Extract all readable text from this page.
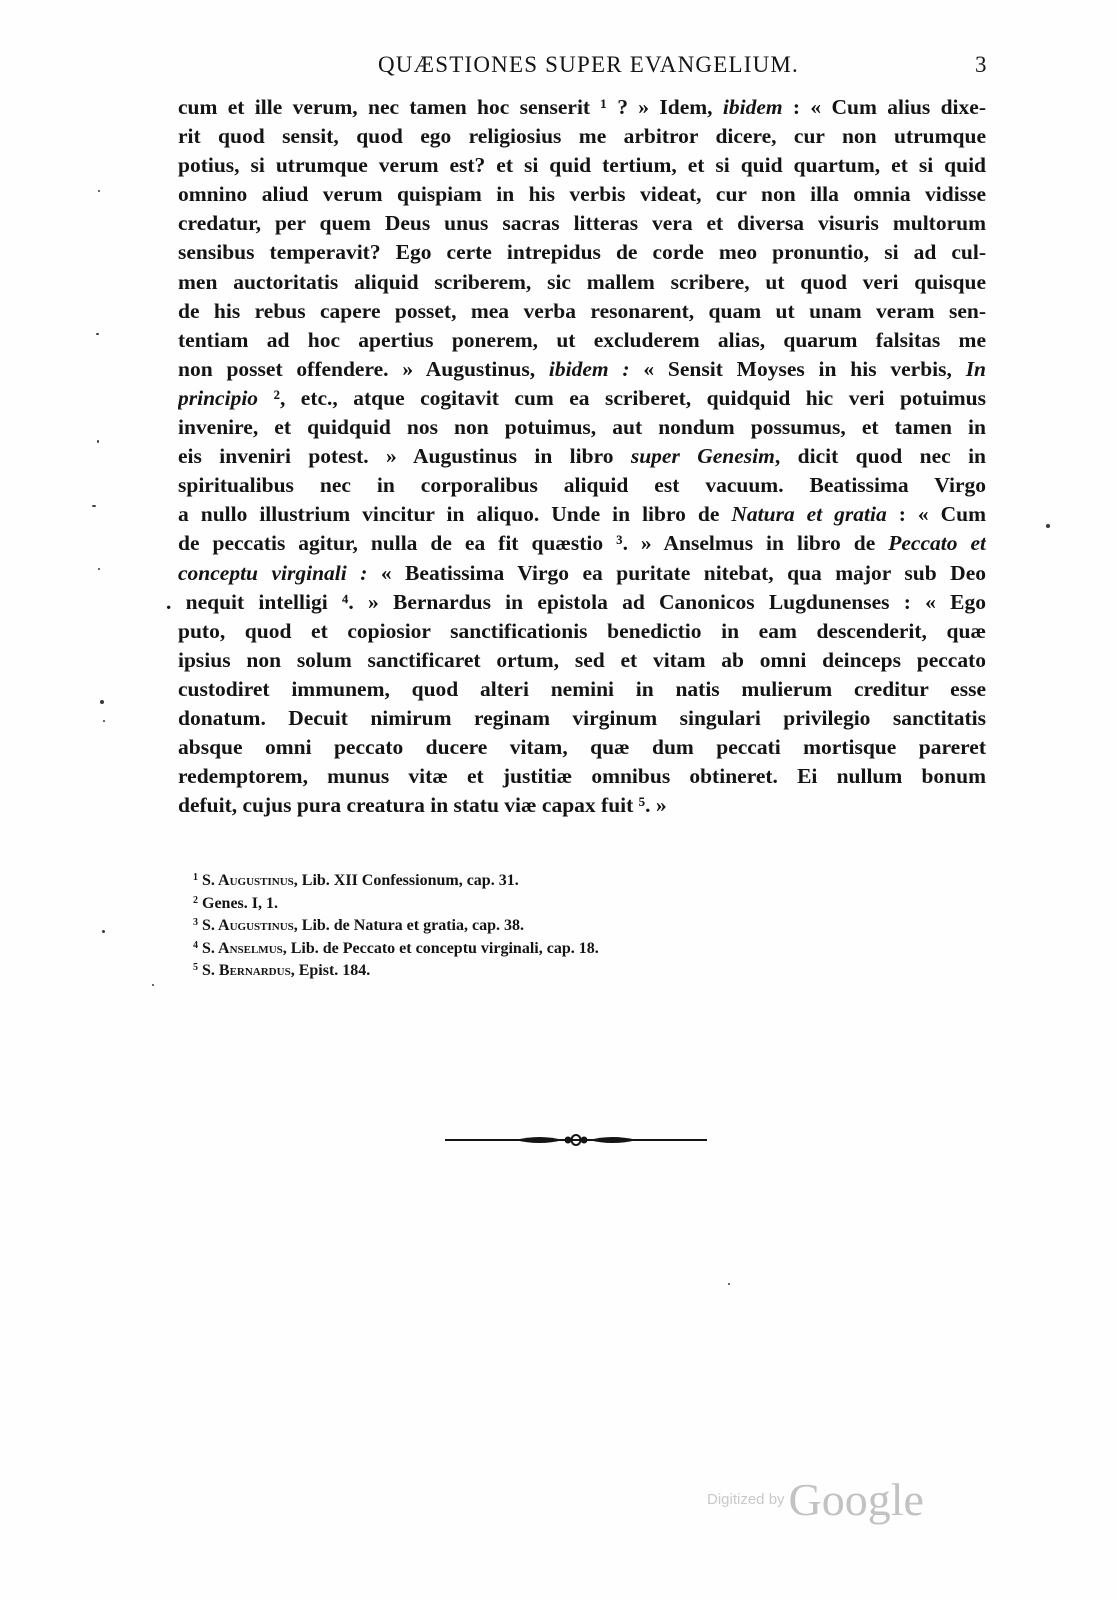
QUÆSTIONES SUPER EVANGELIUM.	3
cum et ille verum, nec tamen hoc senserit ¹ ? » Idem, ibidem : « Cum alius dixe-
rit quod sensit, quod ego religiosius me arbitror dicere, cur non utrumque
potius, si utrumque verum est? et si quid tertium, et si quid quartum, et si quid
omnino aliud verum quispiam in his verbis videat, cur non illa omnia vidisse
credatur, per quem Deus unus sacras litteras vera et diversa visuris multorum
sensibus temperavit? Ego certe intrepidus de corde meo pronuntio, si ad cul-
men auctoritatis aliquid scriberem, sic mallem scribere, ut quod veri quisque
de his rebus capere posset, mea verba resonarent, quam ut unam veram sen-
tentiam ad hoc apertius ponerem, ut excluderem alias, quarum falsitas me
non posset offendere. » Augustinus, ibidem : « Sensit Moyses in his verbis, In
principio ², etc., atque cogitavit cum ea scriberet, quidquid hic veri potuimus
invenire, et quidquid nos non potuimus, aut nondum possumus, et tamen in
eis inveniri potest. » Augustinus in libro super Genesim, dicit quod nec in
spiritualibus nec in corporalibus aliquid est vacuum. Beatissima Virgo
a nullo illustrium vincitur in aliquo. Unde in libro de Natura et gratia : « Cum
de peccatis agitur, nulla de ea fit quæstio ³. » Anselmus in libro de Peccato et
conceptu virginali : « Beatissima Virgo ea puritate nitebat, qua major sub Deo
. nequit intelligi ⁴. » Bernardus in epistola ad Canonicos Lugdunenses : « Ego
puto, quod et copiosior sanctificationis benedictio in eam descenderit, quæ
ipsius non solum sanctificaret ortum, sed et vitam ab omni deinceps peccato
custodiret immunem, quod alteri nemini in natis mulierum creditur esse
donatum. Decuit nimirum reginam virginum singulari privilegio sanctitatis
absque omni peccato ducere vitam, quæ dum peccati mortisque pareret
redemptorem, munus vitæ et justitiæ omnibus obtineret. Ei nullum bonum
defuit, cujus pura creatura in statu viæ capax fuit ⁵. »
$^1$ S. Augustinus, Lib. XII Confessionum, cap. 31.
$^2$ Genes. I, 1.
$^3$ S. Augustinus, Lib. de Natura et gratia, cap. 38.
$^4$ S. Anselmus, Lib. de Peccato et conceptu virginali, cap. 18.
$^5$ S. Bernardus, Epist. 184.
Digitized by Google
